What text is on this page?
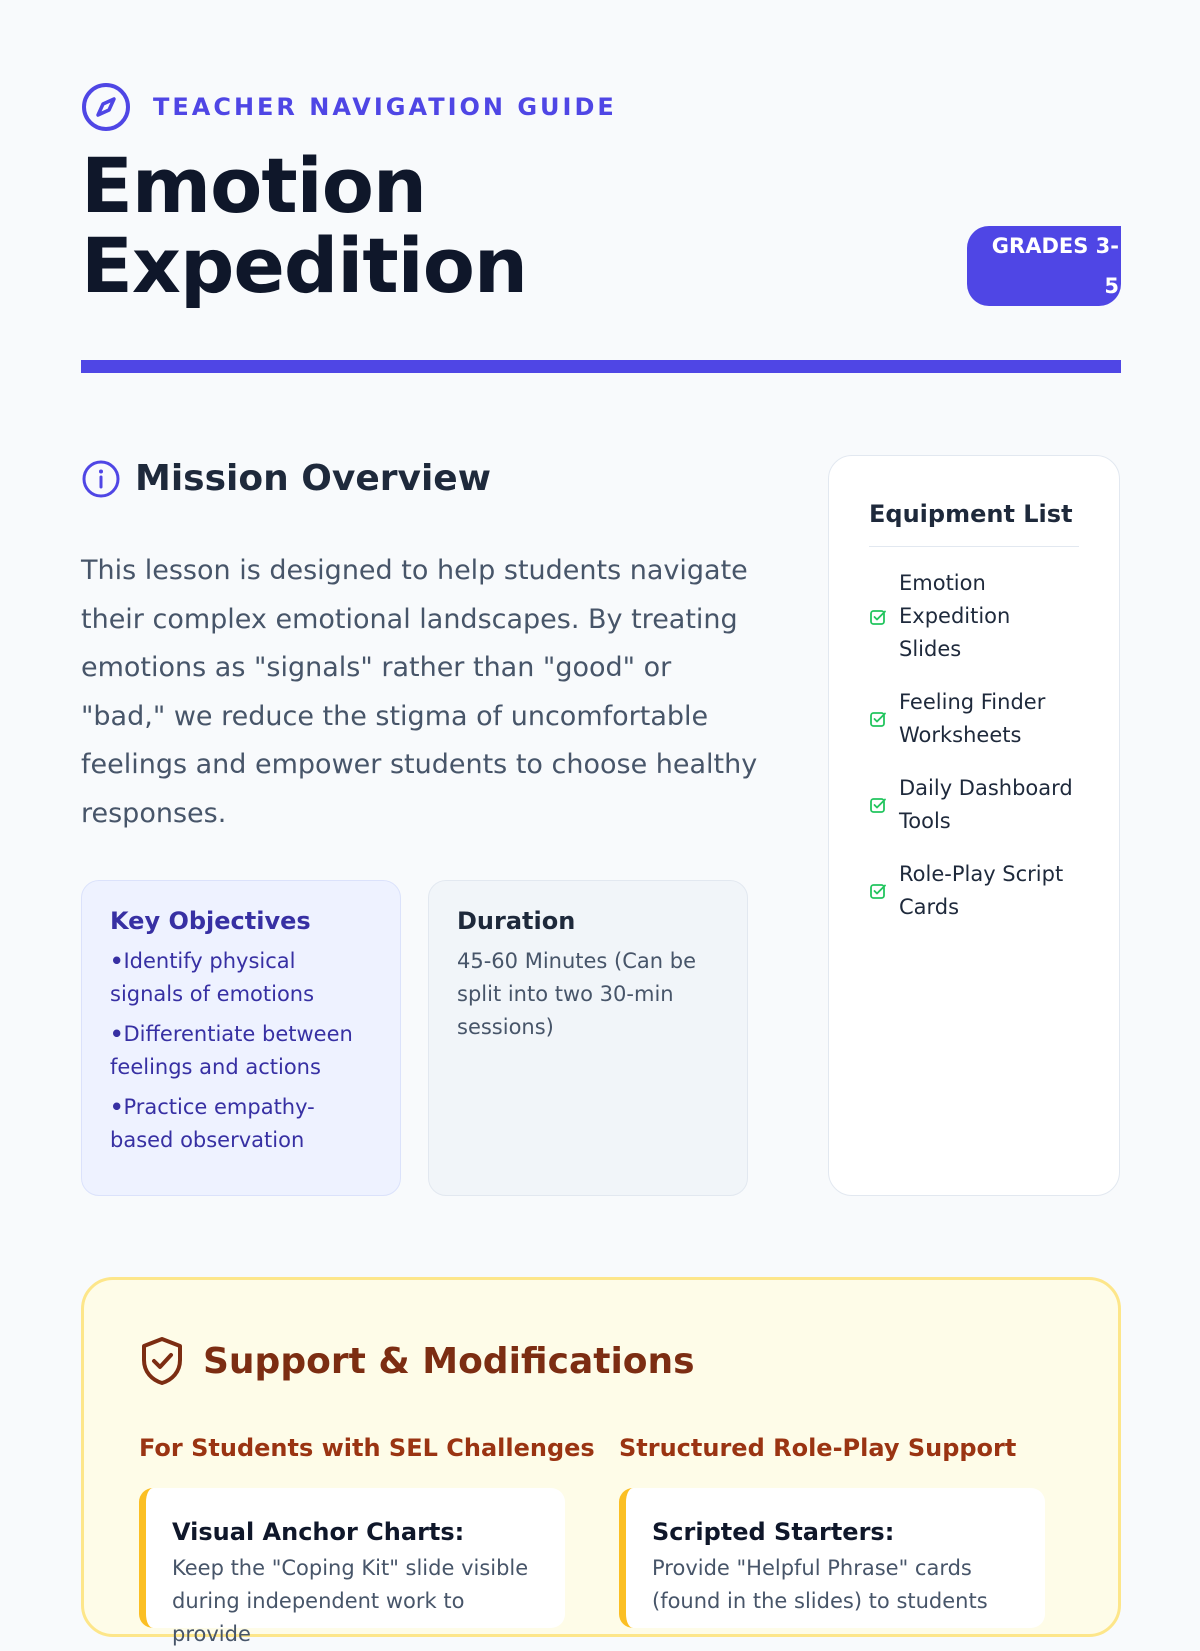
TEACHER NAVIGATION GUIDE
Emotion
Expedition	GRADES 3-5
Mission Overview

This lesson is designed to help students navigate their complex emotional landscapes. By treating emotions as "signals" rather than "good" or "bad," we reduce the stigma of uncomfortable feelings and empower students to choose healthy responses.

Key Objectives
• Identify physical signals of emotions
• Differentiate between feelings and actions
• Practice empathy-based observation
Duration

45-60 Minutes (Can be split into two 30-min sessions)

Equipment List
Emotion Expedition Slides
Feeling Finder Worksheets
Daily Dashboard Tools
Role-Play Script Cards
Support & Modifications
For Students with SEL Challenges Structured Role-Play Support
Visual Anchor Charts:

Keep the "Coping Kit" slide visible during independent work to provide

Scripted Starters:

Provide "Helpful Phrase" cards (found in the slides) to students
